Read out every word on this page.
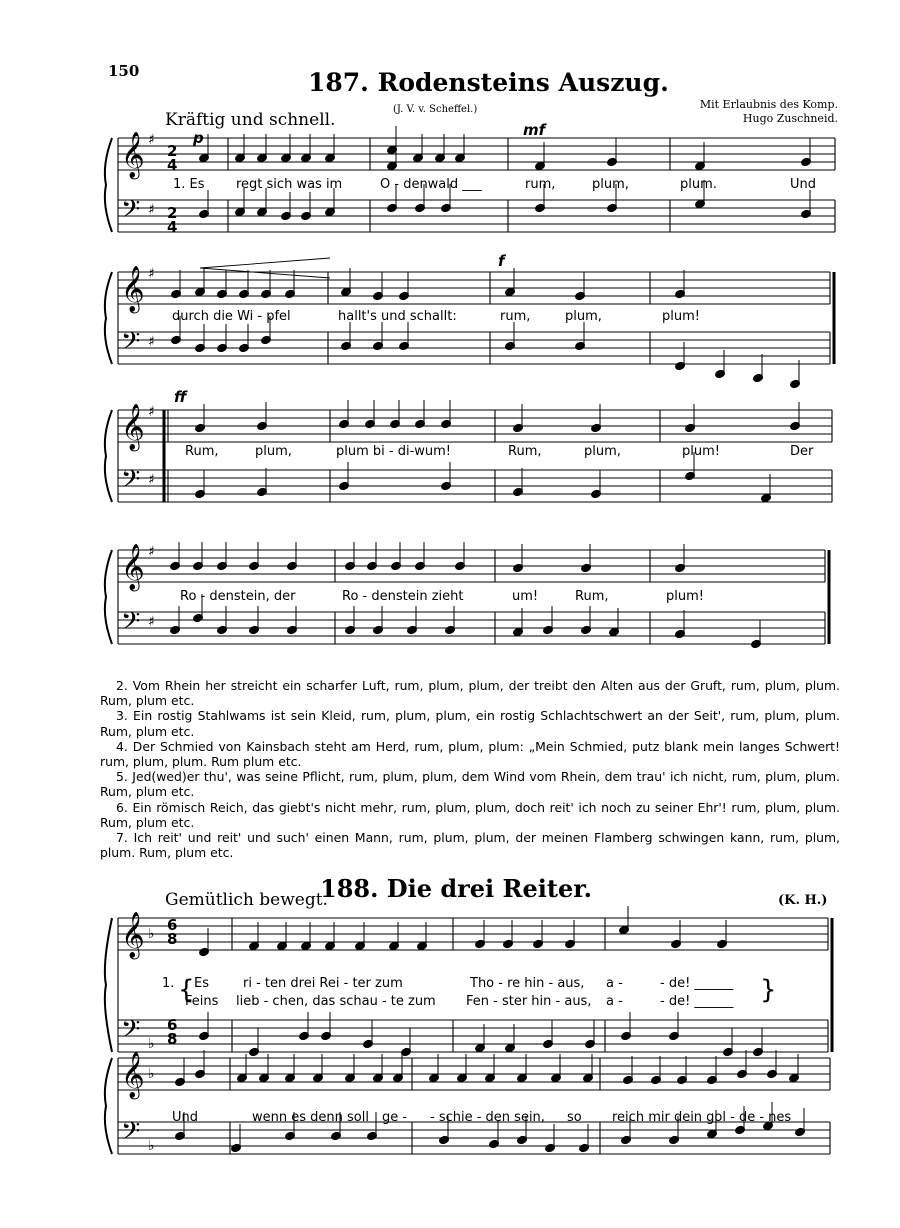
150	187. Rodensteins Auszug.
(J. V. v. Scheffel.)	Mit Erlaubnis des Komp.
Hugo Zuschneid.
Kräftig und schnell.

2. Vom Rhein her streicht ein scharfer Luft, rum, plum, plum, der treibt den Alten aus der Gruft, rum, plum, plum. Rum, plum etc.

3. Ein rostig Stahlwams ist sein Kleid, rum, plum, plum, ein rostig Schlachtschwert an der Seit', rum, plum, plum. Rum, plum etc.

4. Der Schmied von Kainsbach steht am Herd, rum, plum, plum: „Mein Schmied, putz blank mein langes Schwert! rum, plum, plum. Rum plum etc.

5. Jed(wed)er thu', was seine Pflicht, rum, plum, plum, dem Wind vom Rhein, dem trau' ich nicht, rum, plum, plum. Rum, plum etc.

6. Ein römisch Reich, das giebt's nicht mehr, rum, plum, plum, doch reit' ich noch zu seiner Ehr'! rum, plum, plum. Rum, plum etc.

7. Ich reit' und reit' und such' einen Mann, rum, plum, plum, der meinen Flamberg schwingen kann, rum, plum, plum. Rum, plum etc.

188. Die drei Reiter.
Gemütlich bewegt.	(K. H.)
1. Es regt sich was im	O - denwald ___	rum,	plum,	plum.	Und
durch die Wi - pfel	hallt's und schallt:	rum,	plum,	plum!
Rum,	plum,	plum bi - di-wum!	Rum,	plum,	plum!	Der
Ro - denstein, der	Ro - denstein zieht	um!	Rum,	plum!
1. { Es	ri - ten drei Rei - ter zum	Tho - re hin - aus, a -	- de! ______
Feins lieb - chen, das schau - te zum Fen - ster hin - aus, a -	- de! ______ }
Und	wenn es denn soll ge - - schie - den sein, so reich mir dein gol - de - nes
𝄞
𝄢
♯
♯
𝄞
𝄢
♯
♯
𝄞
𝄢
♯
♯
𝄞
𝄢
♯
♯
𝄞
𝄢
♭
♭
𝄞
𝄢
♭
♭
p	mf
f
ff
2
4
2
4
6
8
6
8
